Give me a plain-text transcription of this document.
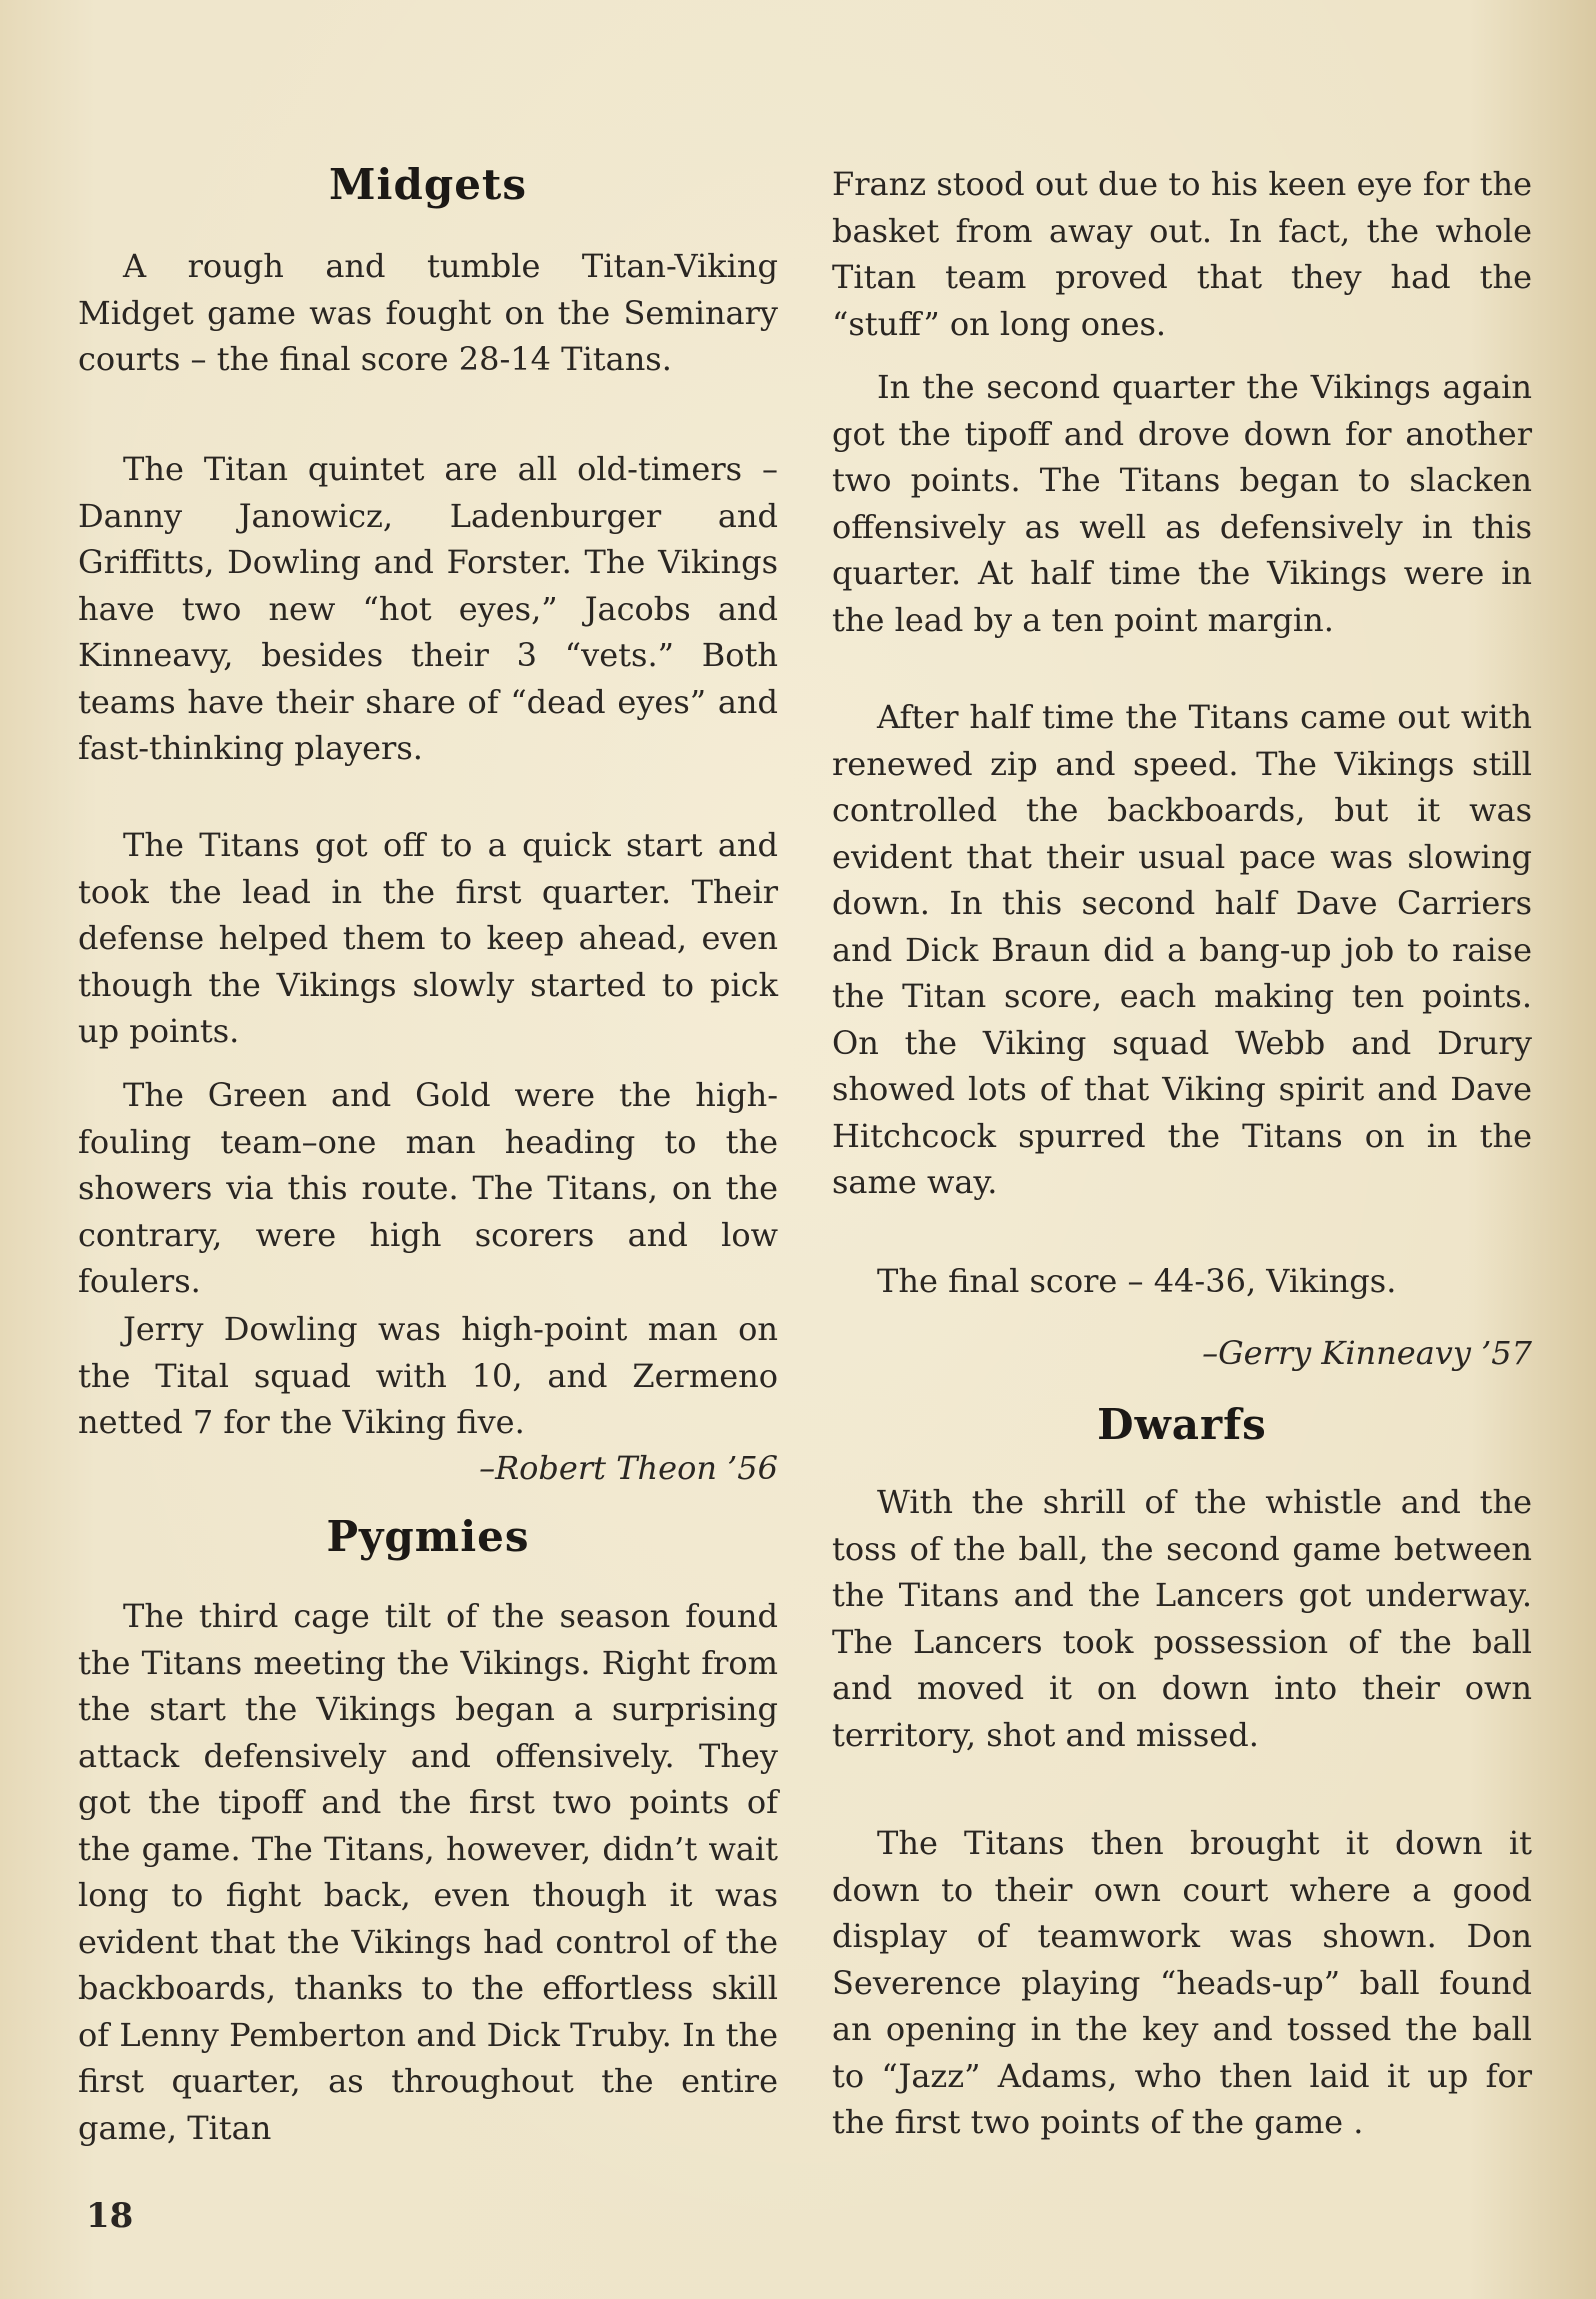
Midgets

A rough and tumble Titan-Viking Midget game was fought on the Seminary courts – the final score 28-14 Titans.

The Titan quintet are all old-timers –Danny Janowicz, Ladenburger and Griffitts, Dowling and Forster. The Vikings have two new “hot eyes,” Jacobs and Kinneavy, besides their 3 “vets.” Both teams have their share of “dead eyes” and fast-thinking players.

The Titans got off to a quick start and took the lead in the first quarter. Their defense helped them to keep ahead, even though the Vikings slowly started to pick up points.

The Green and Gold were the high-fouling team–one man heading to the showers via this route. The Titans, on the contrary, were high scorers and low foulers.

Jerry Dowling was high-point man on the Tital squad with 10, and Zermeno netted 7 for the Viking five.

–Robert Theon ’56
Pygmies

The third cage tilt of the season found the Titans meeting the Vikings. Right from the start the Vikings began a surprising attack defensively and offensively. They got the tipoff and the first two points of the game. The Titans, however, didn’t wait long to fight back, even though it was evident that the Vikings had control of the backboards, thanks to the effortless skill of Lenny Pemberton and Dick Truby. In the first quarter, as throughout the entire game, Titan

Franz stood out due to his keen eye for the basket from away out. In fact, the whole Titan team proved that they had the “stuff” on long ones.

In the second quarter the Vikings again got the tipoff and drove down for another two points. The Titans began to slacken offensively as well as defensively in this quarter. At half time the Vikings were in the lead by a ten point margin.

After half time the Titans came out with renewed zip and speed. The Vikings still controlled the backboards, but it was evident that their usual pace was slowing down. In this second half Dave Carriers and Dick Braun did a bang-up job to raise the Titan score, each making ten points. On the Viking squad Webb and Drury showed lots of that Viking spirit and Dave Hitchcock spurred the Titans on in the same way.

The final score – 44-36, Vikings.

–Gerry Kinneavy ’57
Dwarfs

With the shrill of the whistle and the toss of the ball, the second game between the Titans and the Lancers got underway. The Lancers took possession of the ball and moved it on down into their own territory, shot and missed.

The Titans then brought it down it down to their own court where a good display of teamwork was shown. Don Severence playing “heads-up” ball found an opening in the key and tossed the ball to “Jazz” Adams, who then laid it up for the first two points of the game .

18
